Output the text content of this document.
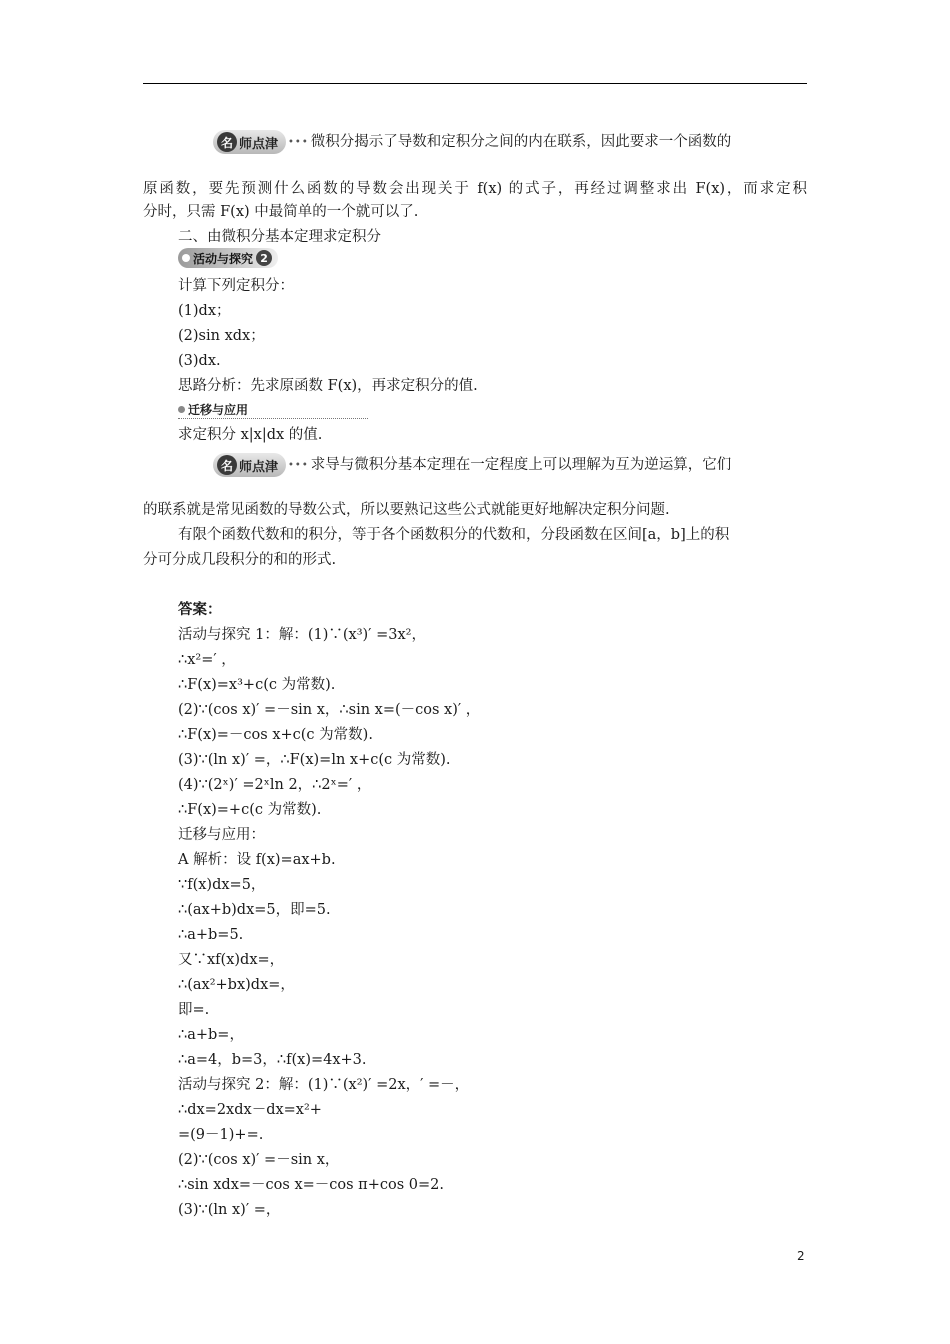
名 师点津 ••• 微积分揭示了导数和定积分之间的内在联系，因此要求一个函数的
原函数，要先预测什么函数的导数会出现关于 f(x) 的式子，再经过调整求出 F(x)，而求定积
分时，只需 F(x) 中最简单的一个就可以了.
二、由微积分基本定理求定积分
活动与探究 2
计算下列定积分：
(1)dx；
(2)sin xdx；
(3)dx.
思路分析：先求原函数 F(x)，再求定积分的值.
迁移与应用
求定积分 x|x|dx 的值.
名 师点津 ••• 求导与微积分基本定理在一定程度上可以理解为互为逆运算，它们
的联系就是常见函数的导数公式，所以要熟记这些公式就能更好地解决定积分问题.
有限个函数代数和的积分，等于各个函数积分的代数和，分段函数在区间[a，b]上的积
分可分成几段积分的和的形式.
答案：
活动与探究 1：解：(1)∵(x³)′ =3x²，
∴x²=′ ，
∴F(x)=x³+c(c 为常数).
(2)∵(cos x)′ =－sin x，∴sin x=(－cos x)′ ，
∴F(x)=－cos x+c(c 为常数).
(3)∵(ln x)′ =，∴F(x)=ln x+c(c 为常数).
(4)∵(2ˣ)′ =2ˣln 2，∴2ˣ=′ ，
∴F(x)=+c(c 为常数).
迁移与应用：
A 解析：设 f(x)=ax+b.
∵f(x)dx=5，
∴(ax+b)dx=5，即=5.
∴a+b=5.
又∵xf(x)dx=，
∴(ax²+bx)dx=，
即=.
∴a+b=，
∴a=4，b=3，∴f(x)=4x+3.
活动与探究 2：解：(1)∵(x²)′ =2x，′ =－，
∴dx=2xdx－dx=x²+
=(9－1)+=.
(2)∵(cos x)′ =－sin x，
∴sin xdx=－cos x=－cos π+cos 0=2.
(3)∵(ln x)′ =，
2
